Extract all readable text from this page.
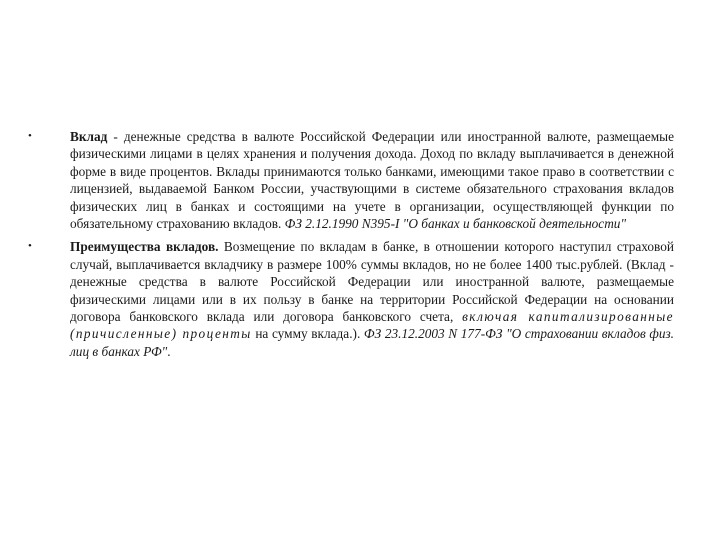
•	Вклад - денежные средства в валюте Российской Федерации или иностранной валюте, размещаемые физическими лицами в целях хранения и получения дохода. Доход по вкладу выплачивается в денежной форме в виде процентов. Вклады принимаются только банками, имеющими такое право в соответствии с лицензией, выдаваемой Банком России, участвующими в системе обязательного страхования вкладов физических лиц в банках и состоящими на учете в организации, осуществляющей функции по обязательному страхованию вкладов. ФЗ 2.12.1990 N395-I "О банках и банковской деятельности"
•	Преимущества вкладов. Возмещение по вкладам в банке, в отношении которого наступил страховой случай, выплачивается вкладчику в размере 100% суммы вкладов, но не более 1400 тыс.рублей. (Вклад - денежные средства в валюте Российской Федерации или иностранной валюте, размещаемые физическими лицами или в их пользу в банке на территории Российской Федерации на основании договора банковского вклада или договора банковского счета, включая капитализированные (причисленные) проценты на сумму вклада.). ФЗ 23.12.2003 N 177-ФЗ "О страховании вкладов физ. лиц в банках РФ".
